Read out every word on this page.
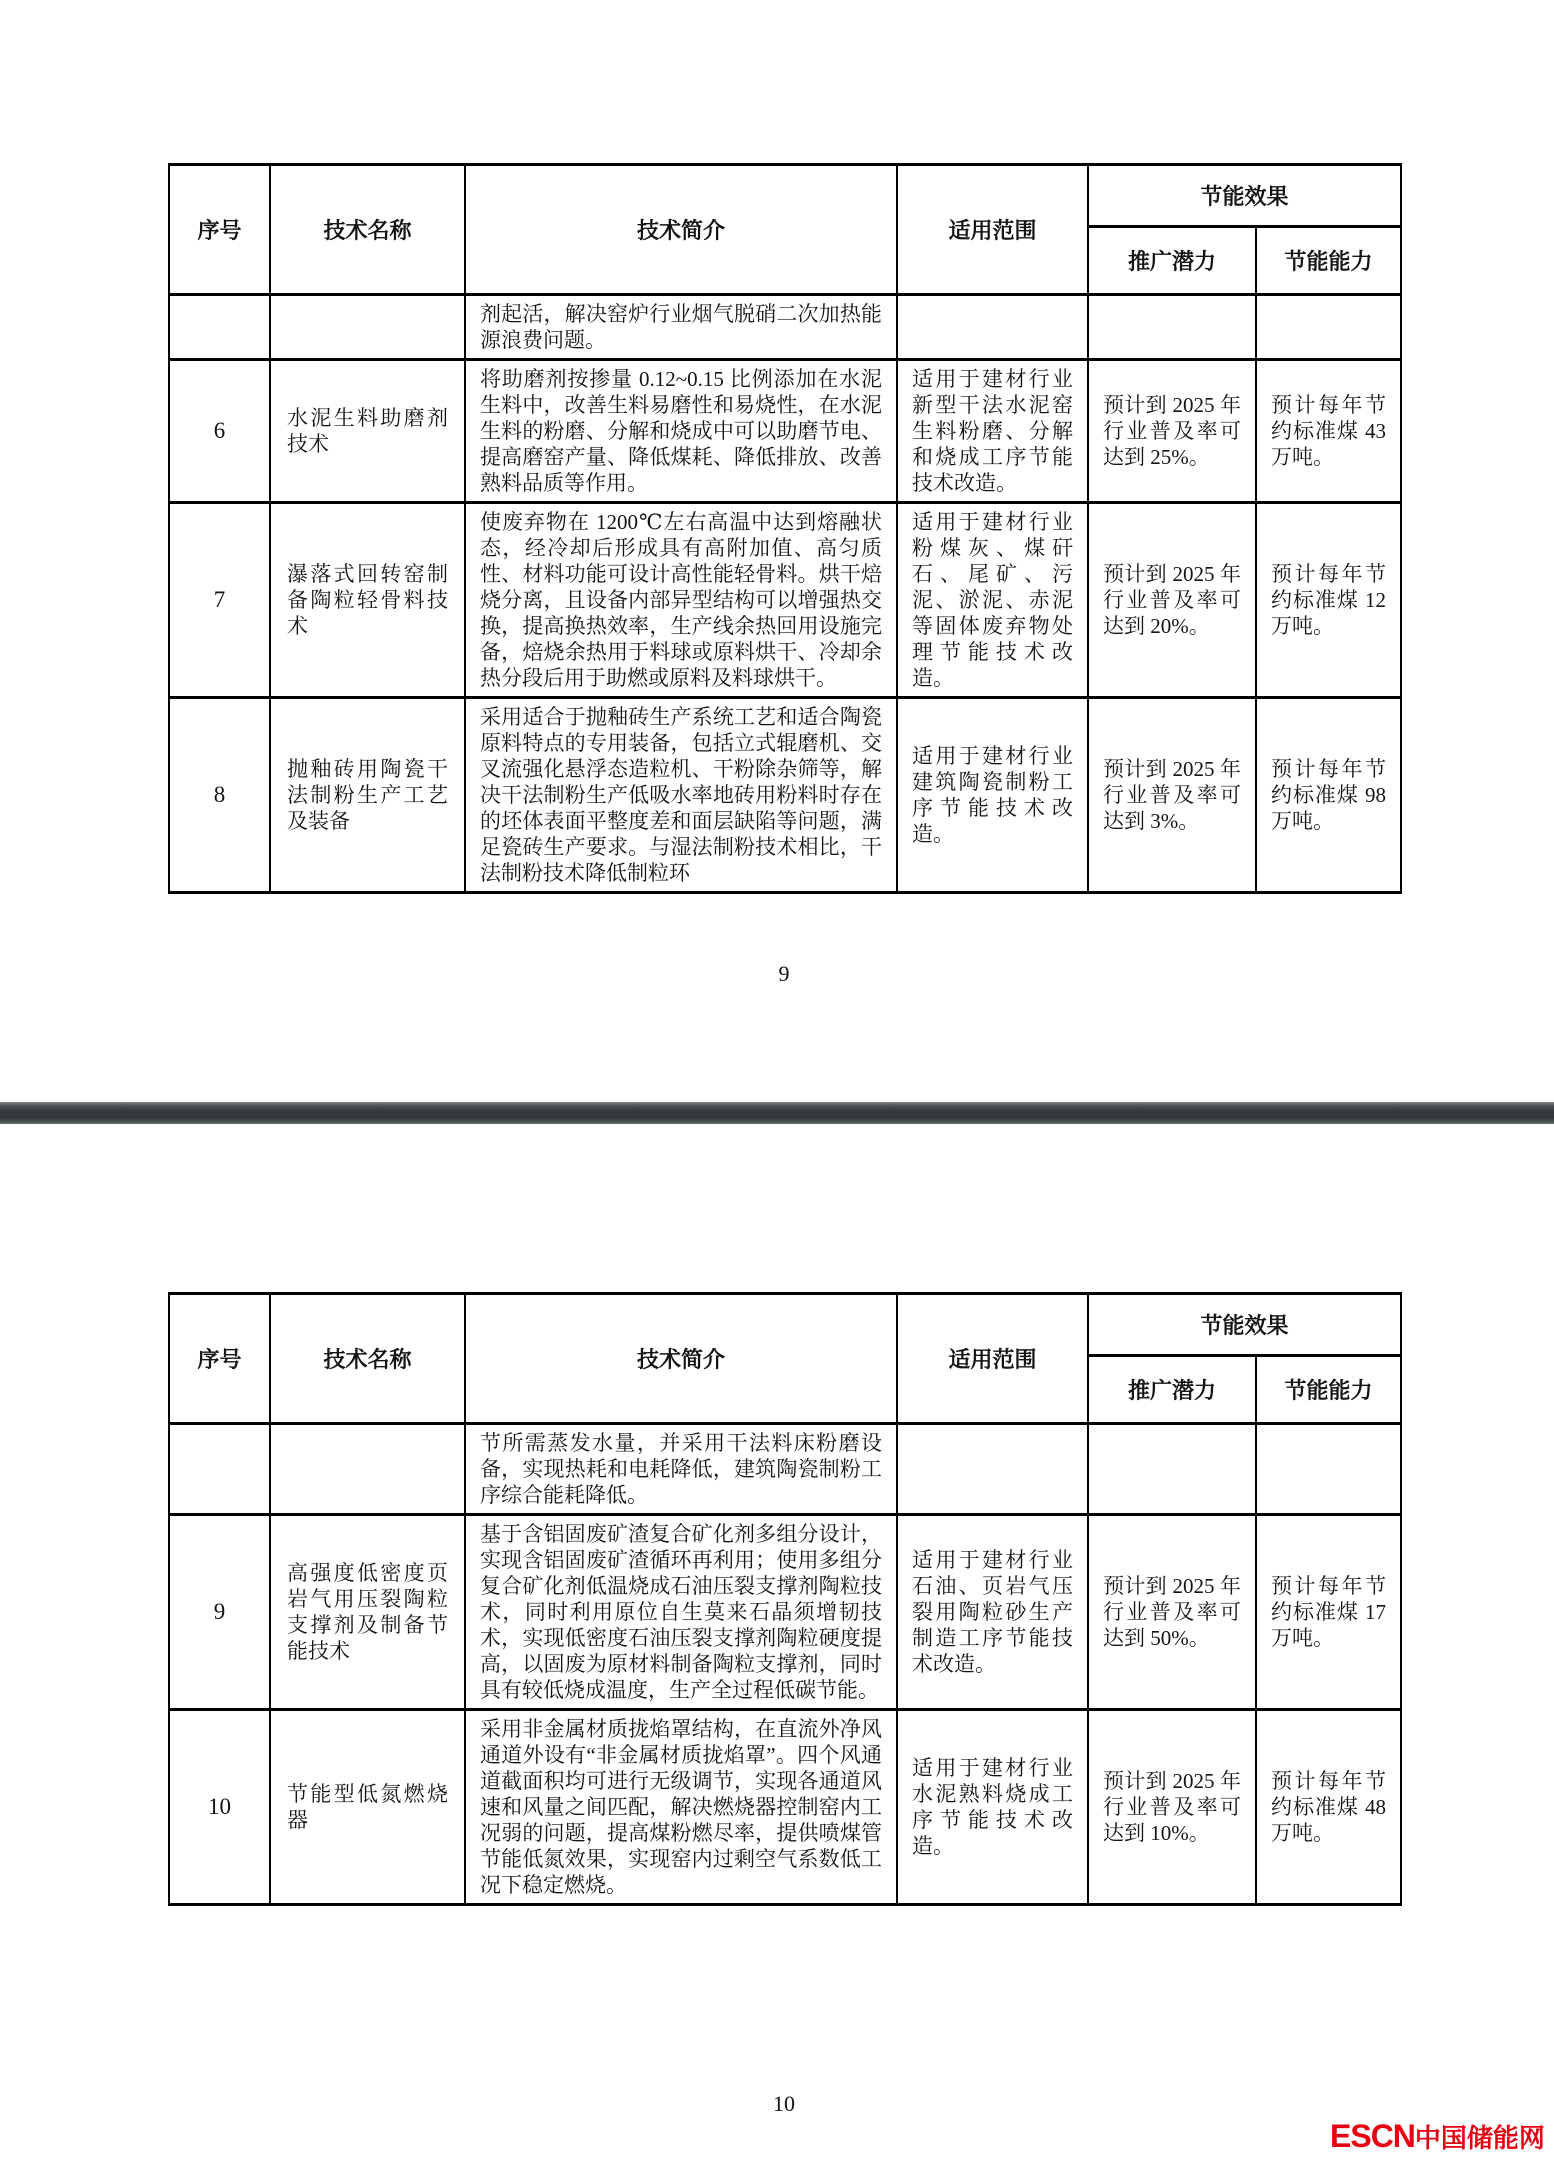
序号	技术名称	技术简介	适用范围	节能效果	
				推广潜力	节能能力
		剂起活，解决窑炉行业烟气脱硝二次加热能源浪费问题。			
6	水泥生料助磨剂技术	将助磨剂按掺量 0.12~0.15 比例添加在水泥生料中，改善生料易磨性和易烧性，在水泥生料的粉磨、分解和烧成中可以助磨节电、提高磨窑产量、降低煤耗、降低排放、改善熟料品质等作用。	适用于建材行业新型干法水泥窑生料粉磨、分解和烧成工序节能技术改造。	预计到 2025 年行业普及率可达到 25%。	预计每年节约标准煤 43 万吨。
7	瀑落式回转窑制备陶粒轻骨料技术	使废弃物在 1200℃左右高温中达到熔融状态，经冷却后形成具有高附加值、高匀质性、材料功能可设计高性能轻骨料。烘干焙烧分离，且设备内部异型结构可以增强热交换，提高换热效率，生产线余热回用设施完备，焙烧余热用于料球或原料烘干、冷却余热分段后用于助燃或原料及料球烘干。	适用于建材行业粉煤灰、煤矸石、尾矿、污泥、淤泥、赤泥等固体废弃物处理节能技术改造。	预计到 2025 年行业普及率可达到 20%。	预计每年节约标准煤 12 万吨。
8	抛釉砖用陶瓷干法制粉生产工艺及装备	采用适合于抛釉砖生产系统工艺和适合陶瓷原料特点的专用装备，包括立式辊磨机、交叉流强化悬浮态造粒机、干粉除杂筛等，解决干法制粉生产低吸水率地砖用粉料时存在的坯体表面平整度差和面层缺陷等问题，满足瓷砖生产要求。与湿法制粉技术相比，干法制粉技术降低制粒环	适用于建材行业建筑陶瓷制粉工序节能技术改造。	预计到 2025 年行业普及率可达到 3%。	预计每年节约标准煤 98 万吨。
9
序号	技术名称	技术简介	适用范围	节能效果	
				推广潜力	节能能力
		节所需蒸发水量，并采用干法料床粉磨设备，实现热耗和电耗降低，建筑陶瓷制粉工序综合能耗降低。			
9	高强度低密度页岩气用压裂陶粒支撑剂及制备节能技术	基于含铝固废矿渣复合矿化剂多组分设计，实现含铝固废矿渣循环再利用；使用多组分复合矿化剂低温烧成石油压裂支撑剂陶粒技术，同时利用原位自生莫来石晶须增韧技术，实现低密度石油压裂支撑剂陶粒硬度提高，以固废为原材料制备陶粒支撑剂，同时具有较低烧成温度，生产全过程低碳节能。	适用于建材行业石油、页岩气压裂用陶粒砂生产制造工序节能技术改造。	预计到 2025 年行业普及率可达到 50%。	预计每年节约标准煤 17 万吨。
10	节能型低氮燃烧器	采用非金属材质拢焰罩结构，在直流外净风通道外设有“非金属材质拢焰罩”。四个风通道截面积均可进行无级调节，实现各通道风速和风量之间匹配，解决燃烧器控制窑内工况弱的问题，提高煤粉燃尽率，提供喷煤管节能低氮效果，实现窑内过剩空气系数低工况下稳定燃烧。	适用于建材行业水泥熟料烧成工序节能技术改造。	预计到 2025 年行业普及率可达到 10%。	预计每年节约标准煤 48 万吨。
10
ESCN中国储能网
